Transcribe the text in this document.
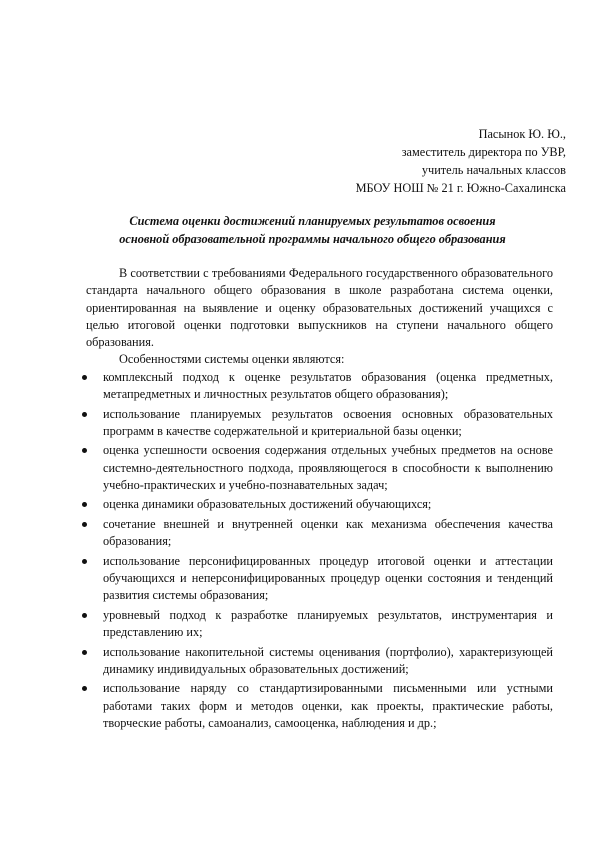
Пасынок Ю. Ю.,
заместитель директора по УВР,
учитель начальных классов
МБОУ НОШ № 21 г. Южно-Сахалинска
Система оценки достижений планируемых результатов освоения
основной образовательной программы начального общего образования

В соответствии с требованиями Федерального государственного образовательного стандарта начального общего образования в школе разработана система оценки, ориентированная на выявление и оценку образовательных достижений учащихся с целью итоговой оценки подготовки выпускников на ступени начального общего образования.

Особенностями системы оценки являются:

комплексный подход к оценке результатов образования (оценка предметных, метапредметных и личностных результатов общего образования);
использование планируемых результатов освоения основных образовательных программ в качестве содержательной и критериальной базы оценки;
оценка успешности освоения содержания отдельных учебных предметов на основе системно-деятельностного подхода, проявляющегося в способности к выполнению учебно-практических и учебно-познавательных задач;
оценка динамики образовательных достижений обучающихся;
сочетание внешней и внутренней оценки как механизма обеспечения качества образования;
использование персонифицированных процедур итоговой оценки и аттестации обучающихся и неперсонифицированных процедур оценки состояния и тенденций развития системы образования;
уровневый подход к разработке планируемых результатов, инструментария и представлению их;
использование накопительной системы оценивания (портфолио), характеризующей динамику индивидуальных образовательных достижений;
использование наряду со стандартизированными письменными или устными работами таких форм и методов оценки, как проекты, практические работы, творческие работы, самоанализ, самооценка, наблюдения и др.;
